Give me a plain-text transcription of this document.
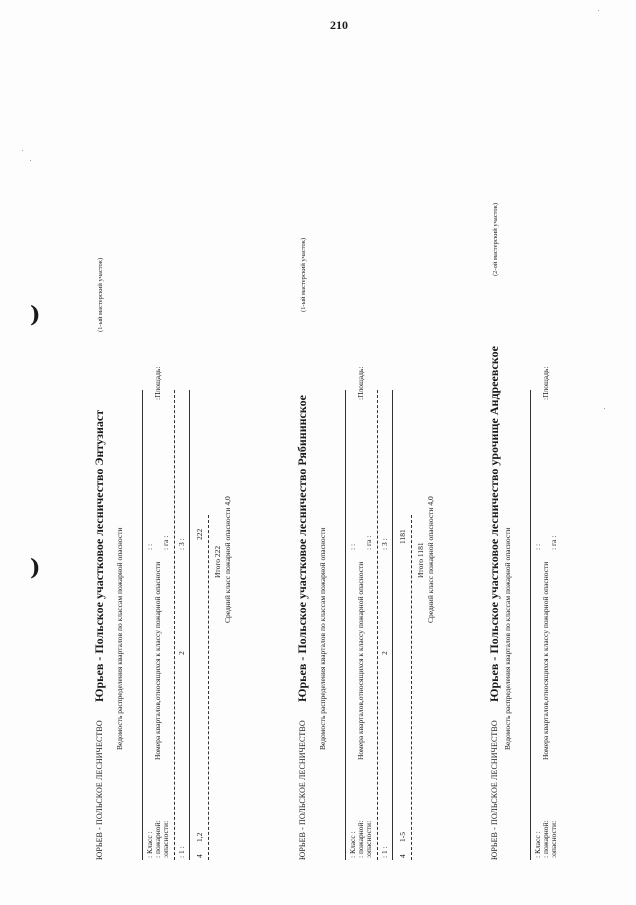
210
)
)
ЮРЬЕВ - ПОЛЬСКОЕ ЛЕСНИЧЕСТВО
Юрьев - Польское участковое лесничество Энтузиаст
(1-ый мастерский участок)
Ведомость распределения кварталов по классам пожарной опасности
: Класс : : пожарной: :опасности:
: :
Номера кварталов,относящихся к классу пожарной опасности
: га :
:Площадь:
: 1 :
2
: 3 :
4
1,2
222
Итого 222 Средний класс пожарной опасности 4,0
ЮРЬЕВ - ПОЛЬСКОЕ ЛЕСНИЧЕСТВО
Юрьев - Польское участковое лесничество Рябининское
(1-ый мастерский участок)
Ведомость распределения кварталов по классам пожарной опасности
: Класс : : пожарной: :опасности:
: :
Номера кварталов,относящихся к классу пожарной опасности
: га :
:Площадь:
: 1 :
2
: 3 :
4
1-5
1181
Итого 1181 Средний класс пожарной опасности 4,0
ЮРЬЕВ - ПОЛЬСКОЕ ЛЕСНИЧЕСТВО
Юрьев - Польское участковое лесничество урочище Андреевское
(2-ой мастерский участок)
Ведомость распределения кварталов по классам пожарной опасности
: Класс : : пожарной: :опасности:
: :
Номера кварталов,относящихся к классу пожарной опасности
: га :
:Площадь:
